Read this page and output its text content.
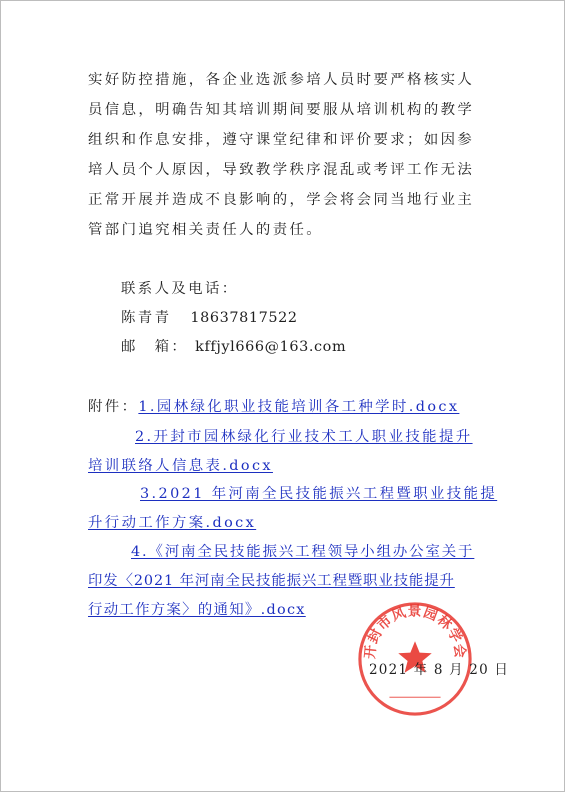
实好防控措施，各企业选派参培人员时要严格核实人
员信息，明确告知其培训期间要服从培训机构的教学
组织和作息安排，遵守课堂纪律和评价要求；如因参
培人员个人原因，导致教学秩序混乱或考评工作无法
正常开展并造成不良影响的，学会将会同当地行业主
管部门追究相关责任人的责任。
联系人及电话：
陈青青 18637817522
邮　箱： kffjyl666@163.com
附件：1.园林绿化职业技能培训各工种学时.docx
2.开封市园林绿化行业技术工人职业技能提升
培训联络人信息表.docx
3.2021 年河南全民技能振兴工程暨职业技能提
升行动工作方案.docx
4.《河南全民技能振兴工程领导小组办公室关于
印发〈2021 年河南全民技能振兴工程暨职业技能提升
行动工作方案〉的通知》.docx
开封市风景园林学会
2021 年 8 月 20 日
